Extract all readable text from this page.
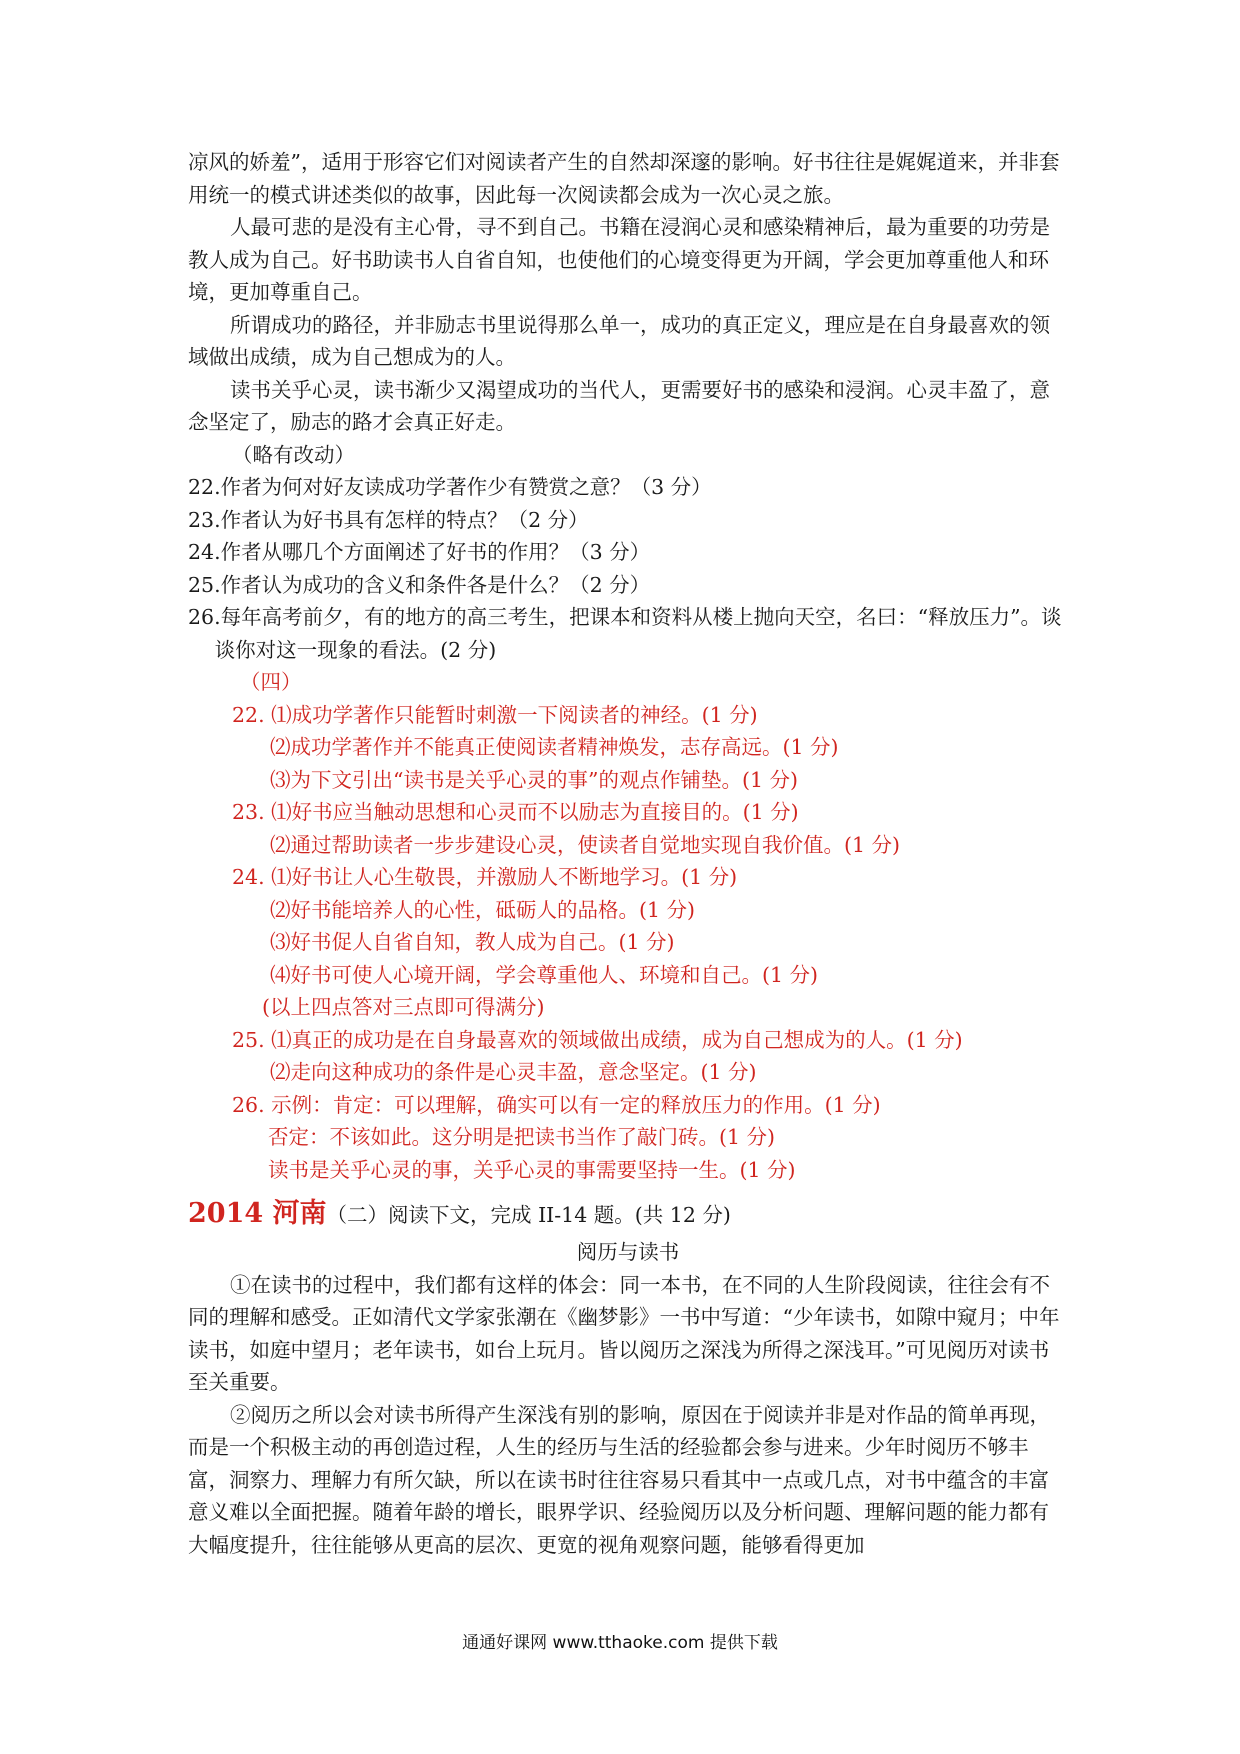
凉风的娇羞”，适用于形容它们对阅读者产生的自然却深邃的影响。好书往往是娓娓道来，并非套用统一的模式讲述类似的故事，因此每一次阅读都会成为一次心灵之旅。

人最可悲的是没有主心骨，寻不到自己。书籍在浸润心灵和感染精神后，最为重要的功劳是教人成为自己。好书助读书人自省自知，也使他们的心境变得更为开阔，学会更加尊重他人和环境，更加尊重自己。

所谓成功的路径，并非励志书里说得那么单一，成功的真正定义，理应是在自身最喜欢的领域做出成绩，成为自己想成为的人。

读书关乎心灵，读书渐少又渴望成功的当代人，更需要好书的感染和浸润。心灵丰盈了，意念坚定了，励志的路才会真正好走。

（略有改动）

22.作者为何对好友读成功学著作少有赞赏之意？（3 分）

23.作者认为好书具有怎样的特点？（2 分）

24.作者从哪几个方面阐述了好书的作用？（3 分）

25.作者认为成功的含义和条件各是什么？（2 分）

26.每年高考前夕，有的地方的高三考生，把课本和资料从楼上抛向天空，名曰：“释放压力”。谈谈你对这一现象的看法。(2 分)

（四）

22. ⑴成功学著作只能暂时刺激一下阅读者的神经。(1 分)

⑵成功学著作并不能真正使阅读者精神焕发，志存高远。(1 分)

⑶为下文引出“读书是关乎心灵的事”的观点作铺垫。(1 分)

23. ⑴好书应当触动思想和心灵而不以励志为直接目的。(1 分)

⑵通过帮助读者一步步建设心灵，使读者自觉地实现自我价值。(1 分)

24. ⑴好书让人心生敬畏，并激励人不断地学习。(1 分)

⑵好书能培养人的心性，砥砺人的品格。(1 分)

⑶好书促人自省自知，教人成为自己。(1 分)

⑷好书可使人心境开阔，学会尊重他人、环境和自己。(1 分)

(以上四点答对三点即可得满分)

25. ⑴真正的成功是在自身最喜欢的领域做出成绩，成为自己想成为的人。(1 分)

⑵走向这种成功的条件是心灵丰盈，意念坚定。(1 分)

26. 示例：肯定：可以理解，确实可以有一定的释放压力的作用。(1 分)

否定：不该如此。这分明是把读书当作了敲门砖。(1 分)

读书是关乎心灵的事，关乎心灵的事需要坚持一生。(1 分)

2014 河南（二）阅读下文，完成 II-14 题。(共 12 分)

阅历与读书

①在读书的过程中，我们都有这样的体会：同一本书，在不同的人生阶段阅读，往往会有不同的理解和感受。正如清代文学家张潮在《幽梦影》一书中写道：“少年读书，如隙中窥月；中年读书，如庭中望月；老年读书，如台上玩月。皆以阅历之深浅为所得之深浅耳。”可见阅历对读书至关重要。

②阅历之所以会对读书所得产生深浅有别的影响，原因在于阅读并非是对作品的简单再现，而是一个积极主动的再创造过程，人生的经历与生活的经验都会参与进来。少年时阅历不够丰富，洞察力、理解力有所欠缺，所以在读书时往往容易只看其中一点或几点，对书中蕴含的丰富意义难以全面把握。随着年龄的增长，眼界学识、经验阅历以及分析问题、理解问题的能力都有大幅度提升，往往能够从更高的层次、更宽的视角观察问题，能够看得更加

通通好课网 www.tthaoke.com 提供下载
